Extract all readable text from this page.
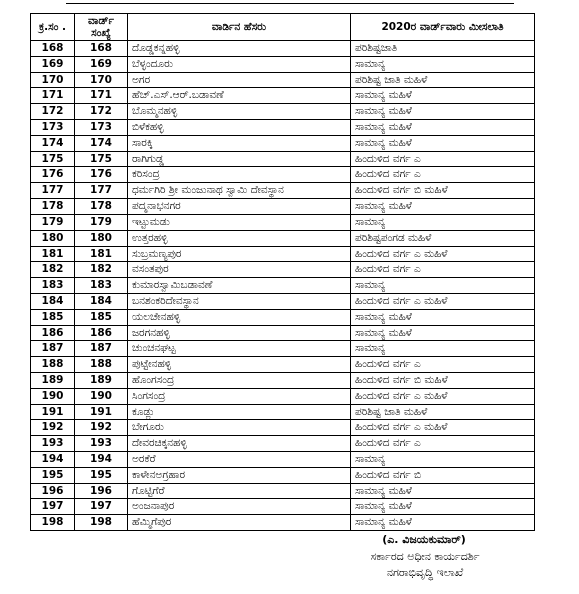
ಕ್ರ.ಸಂ .	ವಾರ್ಡ್ ಸಂಖ್ಯೆ	ವಾರ್ಡಿನ ಹೆಸರು	2020ರ ವಾರ್ಡ್‌ವಾರು ಮೀಸಲಾತಿ
168	168	ದೊಡ್ಡಕನ್ನಹಳ್ಳಿ	ಪರಿಶಿಷ್ಟಜಾತಿ
169	169	ಬೆಳ್ಳಂದೂರು	ಸಾಮಾನ್ಯ
170	170	ಅಗರ	ಪರಿಶಿಷ್ಟ ಜಾತಿ ಮಹಿಳೆ
171	171	ಹೆಚ್.ಎಸ್.ಆರ್.ಬಡಾವಣೆ	ಸಾಮಾನ್ಯ ಮಹಿಳೆ
172	172	ಬೊಮ್ಮನಹಳ್ಳಿ	ಸಾಮಾನ್ಯ ಮಹಿಳೆ
173	173	ಬಿಳೆಕಹಳ್ಳಿ	ಸಾಮಾನ್ಯ ಮಹಿಳೆ
174	174	ಸಾರಕ್ಕಿ	ಸಾಮಾನ್ಯ ಮಹಿಳೆ
175	175	ರಾಗಿಗುಡ್ಡ	ಹಿಂದುಳಿದ ವರ್ಗ ಎ
176	176	ಕರಿಸಂದ್ರ	ಹಿಂದುಳಿದ ವರ್ಗ ಎ
177	177	ಧರ್ಮಗಿರಿ ಶ್ರೀ ಮಂಜುನಾಥ ಸ್ವಾಮಿ ದೇವಸ್ಥಾನ	ಹಿಂದುಳಿದ ವರ್ಗ ಬಿ ಮಹಿಳೆ
178	178	ಪದ್ಮನಾಭನಗರ	ಸಾಮಾನ್ಯ ಮಹಿಳೆ
179	179	ಇಟ್ಟುಮಡು	ಸಾಮಾನ್ಯ
180	180	ಉತ್ತರಹಳ್ಳಿ	ಪರಿಶಿಷ್ಟಪಂಗಡ ಮಹಿಳೆ
181	181	ಸುಬ್ರಮಣ್ಯಪುರ	ಹಿಂದುಳಿದ ವರ್ಗ ಎ ಮಹಿಳೆ
182	182	ವಸಂತಪುರ	ಹಿಂದುಳಿದ ವರ್ಗ ಎ
183	183	ಕುಮಾರಸ್ವಾಮಿಬಡಾವಣೆ	ಸಾಮಾನ್ಯ
184	184	ಬನಶಂಕರಿದೇವಸ್ಥಾನ	ಹಿಂದುಳಿದ ವರ್ಗ ಎ ಮಹಿಳೆ
185	185	ಯಲಚೇನಹಳ್ಳಿ	ಸಾಮಾನ್ಯ ಮಹಿಳೆ
186	186	ಜರಗನಹಳ್ಳಿ	ಸಾಮಾನ್ಯ ಮಹಿಳೆ
187	187	ಚುಂಚನಘಟ್ಟ	ಸಾಮಾನ್ಯ
188	188	ಪುಟ್ಟೇನಹಳ್ಳಿ	ಹಿಂದುಳಿದ ವರ್ಗ ಎ
189	189	ಹೊಂಗಸಂದ್ರ	ಹಿಂದುಳಿದ ವರ್ಗ ಬಿ ಮಹಿಳೆ
190	190	ಸಿಂಗಸಂದ್ರ	ಹಿಂದುಳಿದ ವರ್ಗ ಎ ಮಹಿಳೆ
191	191	ಕೂಡ್ಲು	ಪರಿಶಿಷ್ಟ ಜಾತಿ ಮಹಿಳೆ
192	192	ಬೇಗೂರು	ಹಿಂದುಳಿದ ವರ್ಗ ಎ ಮಹಿಳೆ
193	193	ದೇವರಚಿಕ್ಕನಹಳ್ಳಿ	ಹಿಂದುಳಿದ ವರ್ಗ ಎ
194	194	ಅರಕೆರೆ	ಸಾಮಾನ್ಯ
195	195	ಕಾಳೇನಅಗ್ರಹಾರ	ಹಿಂದುಳಿದ ವರ್ಗ ಬಿ
196	196	ಗೊಟ್ಟಿಗೆರೆ	ಸಾಮಾನ್ಯ ಮಹಿಳೆ
197	197	ಅಂಜನಾಪುರ	ಸಾಮಾನ್ಯ ಮಹಿಳೆ
198	198	ಹೆಮ್ಮಿಗೆಪುರ	ಸಾಮಾನ್ಯ ಮಹಿಳೆ
(ಎ. ವಿಜಯಕುಮಾರ್)
ಸರ್ಕಾರದ ಅಧೀನ ಕಾರ್ಯದರ್ಶಿ
ನಗರಾಭಿವೃದ್ಧಿ ಇಲಾಖೆ
